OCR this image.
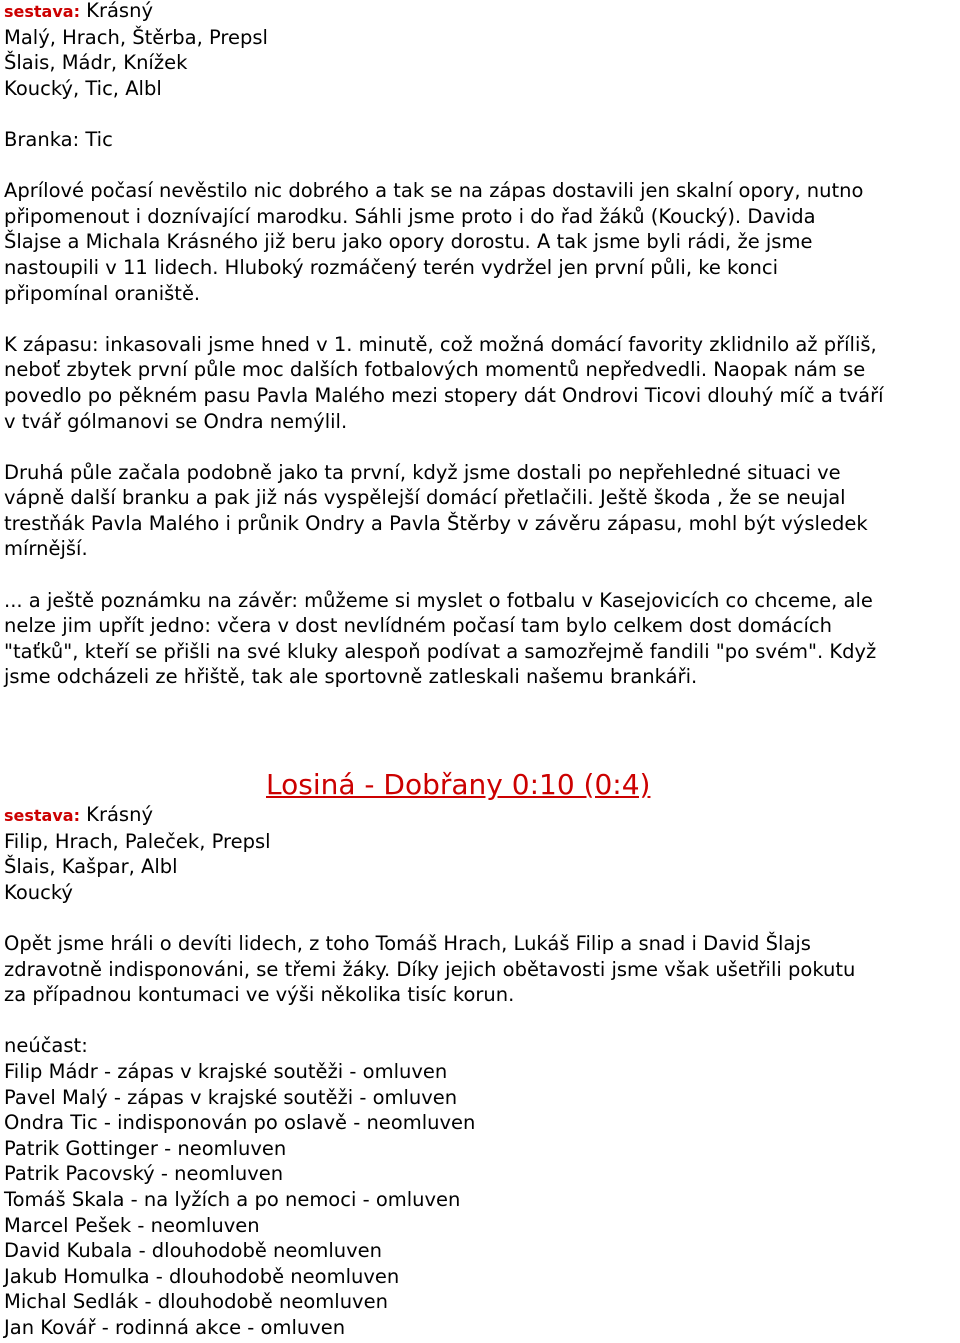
sestava: Krásný

Malý, Hrach, Štěrba, Prepsl

Šlais, Mádr, Knížek

Koucký, Tic, Albl

Branka: Tic

Aprílové počasí nevěstilo nic dobrého a tak se na zápas dostavili jen skalní opory, nutno

připomenout i doznívající marodku. Sáhli jsme proto i do řad žáků (Koucký). Davida

Šlajse a Michala Krásného již beru jako opory dorostu. A tak jsme byli rádi, že jsme

nastoupili v 11 lidech. Hluboký rozmáčený terén vydržel jen první půli, ke konci

připomínal oraniště.

K zápasu: inkasovali jsme hned v 1. minutě, což možná domácí favority zklidnilo až příliš,

neboť zbytek první půle moc dalších fotbalových momentů nepředvedli. Naopak nám se

povedlo po pěkném pasu Pavla Malého mezi stopery dát Ondrovi Ticovi dlouhý míč a tváří

v tvář gólmanovi se Ondra nemýlil.

Druhá půle začala podobně jako ta první, když jsme dostali po nepřehledné situaci ve

vápně další branku a pak již nás vyspělejší domácí přetlačili. Ještě škoda , že se neujal

trestňák Pavla Malého i průnik Ondry a Pavla Štěrby v závěru zápasu, mohl být výsledek

mírnější.

... a ještě poznámku na závěr: můžeme si myslet o fotbalu v Kasejovicích co chceme, ale

nelze jim upřít jedno: včera v dost nevlídném počasí tam bylo celkem dost domácích

"taťků", kteří se přišli na své kluky alespoň podívat a samozřejmě fandili "po svém". Když

jsme odcházeli ze hřiště, tak ale sportovně zatleskali našemu brankáři.

Losiná - Dobřany 0:10 (0:4)

sestava: Krásný

Filip, Hrach, Paleček, Prepsl

Šlais, Kašpar, Albl

Koucký

Opět jsme hráli o devíti lidech, z toho Tomáš Hrach, Lukáš Filip a snad i David Šlajs

zdravotně indisponováni, se třemi žáky. Díky jejich obětavosti jsme však ušetřili pokutu

za případnou kontumaci ve výši několika tisíc korun.

neúčast:

Filip Mádr - zápas v krajské soutěži - omluven

Pavel Malý - zápas v krajské soutěži - omluven

Ondra Tic - indisponován po oslavě - neomluven

Patrik Gottinger - neomluven

Patrik Pacovský - neomluven

Tomáš Skala - na lyžích a po nemoci - omluven

Marcel Pešek - neomluven

David Kubala - dlouhodobě neomluven

Jakub Homulka - dlouhodobě neomluven

Michal Sedlák - dlouhodobě neomluven

Jan Kovář - rodinná akce - omluven
